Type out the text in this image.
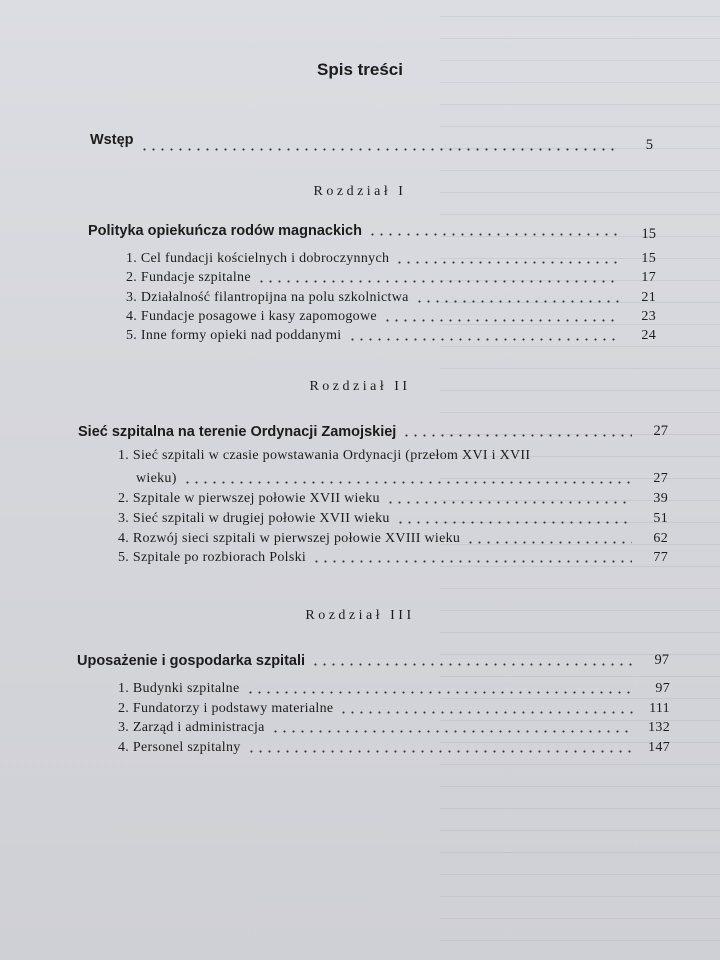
Spis treści
Wstęp	5
Rozdział I
Polityka opiekuńcza rodów magnackich	15
1. Cel fundacji kościelnych i dobroczynnych	15
2. Fundacje szpitalne	17
3. Działalność filantropijna na polu szkolnictwa	21
4. Fundacje posagowe i kasy zapomogowe	23
5. Inne formy opieki nad poddanymi	24
Rozdział II
Sieć szpitalna na terenie Ordynacji Zamojskiej	27
1. Sieć szpitali w czasie powstawania Ordynacji (przełom XVI i XVII
wieku)	27
2. Szpitale w pierwszej połowie XVII wieku	39
3. Sieć szpitali w drugiej połowie XVII wieku	51
4. Rozwój sieci szpitali w pierwszej połowie XVIII wieku	62
5. Szpitale po rozbiorach Polski	77
Rozdział III
Uposażenie i gospodarka szpitali	97
1. Budynki szpitalne	97
2. Fundatorzy i podstawy materialne	111
3. Zarząd i administracja	132
4. Personel szpitalny	147
